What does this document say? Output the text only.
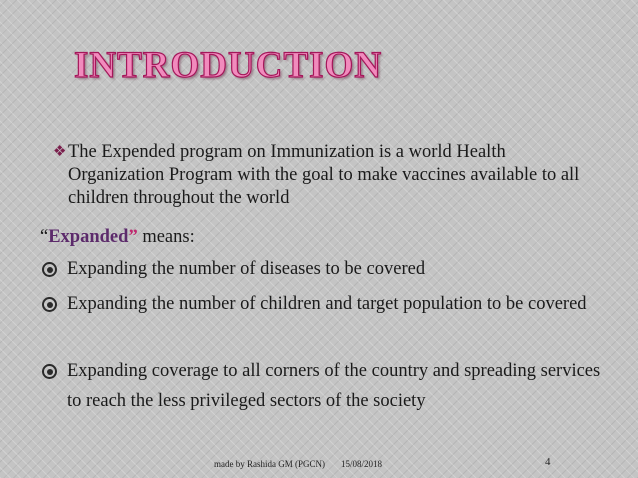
INTRODUCTION
❖ The Expended program on Immunization is a world Health Organization Program with the goal to make vaccines available to all children throughout the world
“Expanded” means:
Expanding the number of diseases to be covered
Expanding the number of children and target population to be covered
Expanding coverage to all corners of the country and spreading services to reach the less privileged sectors of the society
made by Rashida GM (PGCN) 15/08/2018	4
